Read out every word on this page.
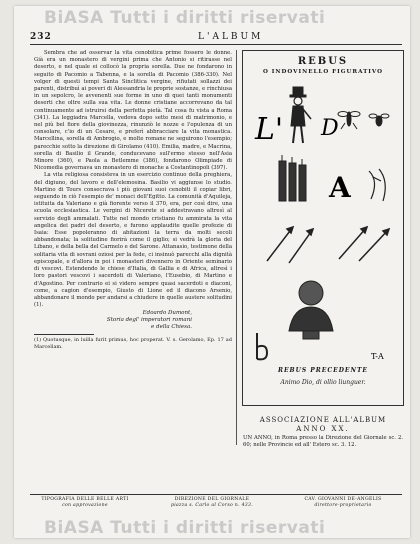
BiASA Tutti i diritti riservati
232	L'ALBUM

Sembra che ad osservar la vita cenobitica prime fossero le donne. Già era un monastero di vergini prima che Antonio si ritirasse nel deserto, e nel quale ei collocò la propria sorella. Due ne fondarono in seguito di Pacomio a Tabenna, e la sorella di Pacomio (386-330). Nel volger di questi tempi Santa Sinclitica vergine, rifiutati sollazzi dei parenti, distribuì ai poveri di Alessandria le proprie sostanze, e rinchiusa in un sepolcro, le avvenenti sue forme in uno di quei tanti monumenti deserti che oltre sulla sua vita. Le donne cristiane accorrevano da tal continuamente ad istruirsi della perfetta pietà. Tal cosa fu vista a Roma (341). La leggiadra Marcella, vedova dopo sette mesi di matrimonio, e nel più bel fiore della giovinezza, rinunziò le nozze e l'opulenza di un consolare, c'io di un Cesare, e preferì abbracciare la vita monastica. Marcellina, sorella di Ambrogio, e molte romane ne seguirono l'esempio; parecchie sotto la direzione di Girolamo (410). Emilia, madre, e Macrina, sorella di Basilio il Grande, conducevano sull'ermo stesso nell'Asia Minore (360), e Paola a Betlemme (386), fondarono Olimpiade di Nicomedia governava un monastero di monache a Costantinopoli (397).

La vita religiosa consisteva in un esercizio continuo della preghiera, del digiuno, del lavoro e dell'elemosina. Basilio vi aggiunse lo studio. Martino di Tours consecrava i più giovani suoi cenobiti il copiar libri, seguendo in ciò l'esempio de' monaci dell'Egitto. La comunità d'Aquileja, istituita da Valeriano e già fiorente verso il 370, era, per così dire, una scuola ecclesiastica. Le vergini di Nicerete si addestravano altresì al servizio degli ammalati. Tutte nel mondo cristiano fu ammirata la vita angelica dei padri del deserto, e furono applaudite quelle profezie di Isaia: Esse popoleranno di abitazioni la terra da molti secoli abbandonata; la solitudine fiorirà come il giglio; si vedrà la gloria del Libano, e della bella del Carmelo e del Sarone. Attanasio, testimone della solitaria vita di sovrani oziosi per la fede, ci insinuò parecchi alla dignità episcopale, e d'allora in poi i monasteri divennero in Oriente seminario di vescovi. Estendendo le chiese d'Italia, di Gallia e di Africa, altresì i loro pastori vescovi i sacerdoti di Valeriano, l'Eusebio, di Martino e d'Agostino. Per contrario ei si videro sempre quasi sacerdoti e diaconi, come, a cagion d'esempio, Giusto di Lione ed il diacono Arsenio, abbandonare il mondo per andarsi a chiudere in quelle austere solitudini (1).

Edoardo Dumont,
Storia degl' imperatori romani
e della Chiesa.
(1) Quotusque, in luilla furit primus, hoc properat. V. s. Gerolamo, Ep. 17 ad Marcellam.
REBUS
O INDOVINELLO FIGURATIVO
L' D
A
T-A
REBUS PRECEDENTE
Animo Dio, di ollio liunguer.
ASSOCIAZIONE ALL'ALBUM
ANNO XX.
UN ANNO, in Roma presso la Direzione del Giornale sc. 2. 60; nelle Provincie ed all' Estero sc. 3. 12.
TIPOGRAFIA DELLE BELLE ARTI
con approvazione
DIREZIONE DEL GIORNALE
piazza s. Carlo al Corso n. 433.
CAV. GIOVANNI DE-ANGELIS
direttore-proprietario
BiASA Tutti i diritti riservati
